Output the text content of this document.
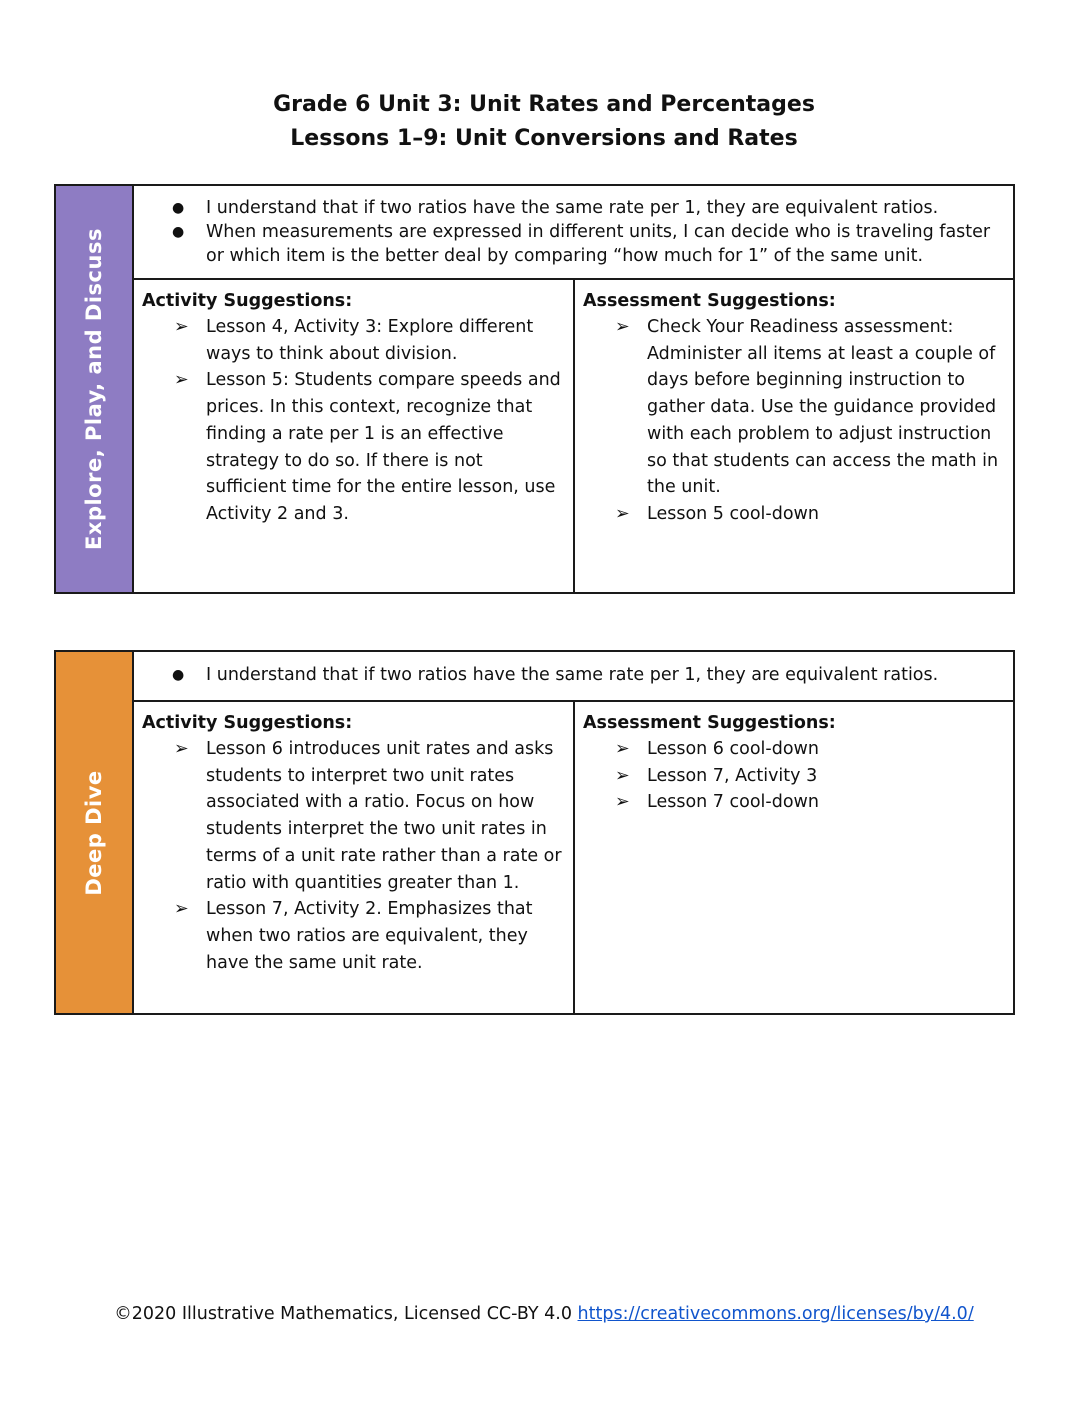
Grade 6 Unit 3: Unit Rates and Percentages
Lessons 1–9: Unit Conversions and Rates
Explore, Play, and Discuss
● I understand that if two ratios have the same rate per 1, they are equivalent ratios.
● When measurements are expressed in different units, I can decide who is traveling faster or which item is the better deal by comparing “how much for 1” of the same unit.
Activity Suggestions:
➢ Lesson 4, Activity 3: Explore different ways to think about division.
➢ Lesson 5: Students compare speeds and prices. In this context, recognize that finding a rate per 1 is an effective strategy to do so. If there is not sufficient time for the entire lesson, use Activity 2 and 3.
Assessment Suggestions:
➢ Check Your Readiness assessment: Administer all items at least a couple of days before beginning instruction to gather data. Use the guidance provided with each problem to adjust instruction so that students can access the math in the unit.
➢ Lesson 5 cool-down
Deep Dive
● I understand that if two ratios have the same rate per 1, they are equivalent ratios.
Activity Suggestions:
➢ Lesson 6 introduces unit rates and asks students to interpret two unit rates associated with a ratio. Focus on how students interpret the two unit rates in terms of a unit rate rather than a rate or ratio with quantities greater than 1.
➢ Lesson 7, Activity 2. Emphasizes that when two ratios are equivalent, they have the same unit rate.
Assessment Suggestions:
➢ Lesson 6 cool-down
➢ Lesson 7, Activity 3
➢ Lesson 7 cool-down
©2020 Illustrative Mathematics, Licensed CC-BY 4.0 https://creativecommons.org/licenses/by/4.0/
